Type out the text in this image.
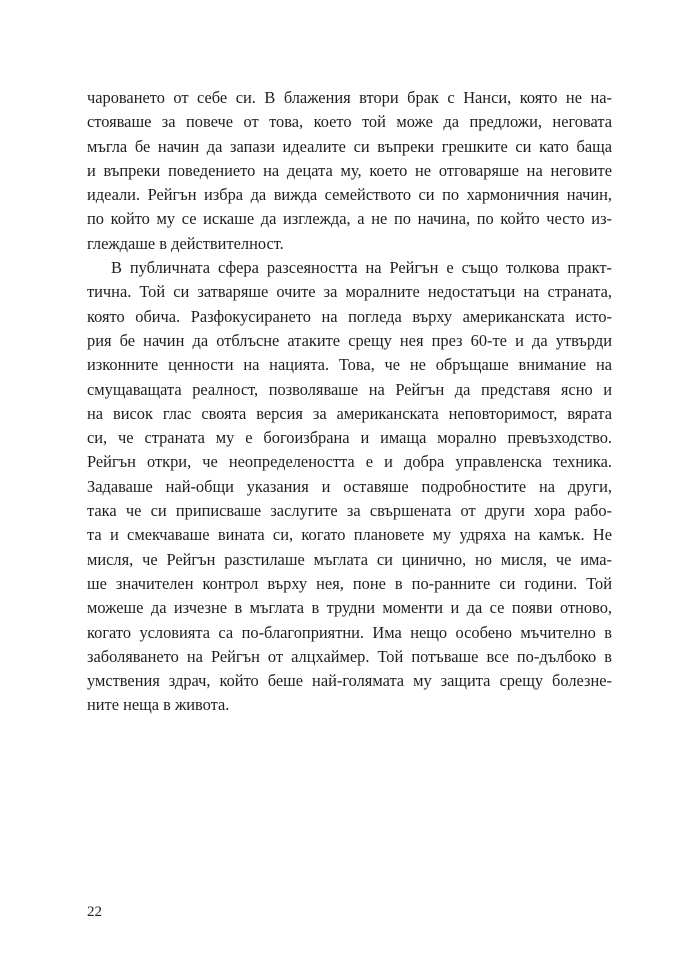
чароването от себе си. В блажения втори брак с Нанси, която не на-
стояваше за повече от това, което той може да предложи, неговата
мъгла бе начин да запази идеалите си въпреки грешките си като баща
и въпреки поведението на децата му, което не отговаряше на неговите
идеали. Рейгън избра да вижда семейството си по хармоничния начин,
по който му се искаше да изглежда, а не по начина, по който често из-
глеждаше в действителност.
В публичната сфера разсеяността на Рейгън е също толкова практ-
тична. Той си затваряше очите за моралните недостатъци на страната,
която обича. Разфокусирането на погледа върху американската исто-
рия бе начин да отблъсне атаките срещу нея през 60-те и да утвърди
изконните ценности на нацията. Това, че не обръщаше внимание на
смущаващата реалност, позволяваше на Рейгън да представя ясно и
на висок глас своята версия за американската неповторимост, вярата
си, че страната му е богоизбрана и имаща морално превъзходство.
Рейгън откри, че неопределеността е и добра управленска техника.
Задаваше най-общи указания и оставяше подробностите на други,
така че си приписваше заслугите за свършената от други хора рабо-
та и смекчаваше вината си, когато плановете му удряха на камък. Не
мисля, че Рейгън разстилаше мъглата си цинично, но мисля, че има-
ше значителен контрол върху нея, поне в по-ранните си години. Той
можеше да изчезне в мъглата в трудни моменти и да се появи отново,
когато условията са по-благоприятни. Има нещо особено мъчително в
заболяването на Рейгън от алцхаймер. Той потъваше все по-дълбоко в
умствения здрач, който беше най-голямата му защита срещу болезне-
ните неща в живота.
22
